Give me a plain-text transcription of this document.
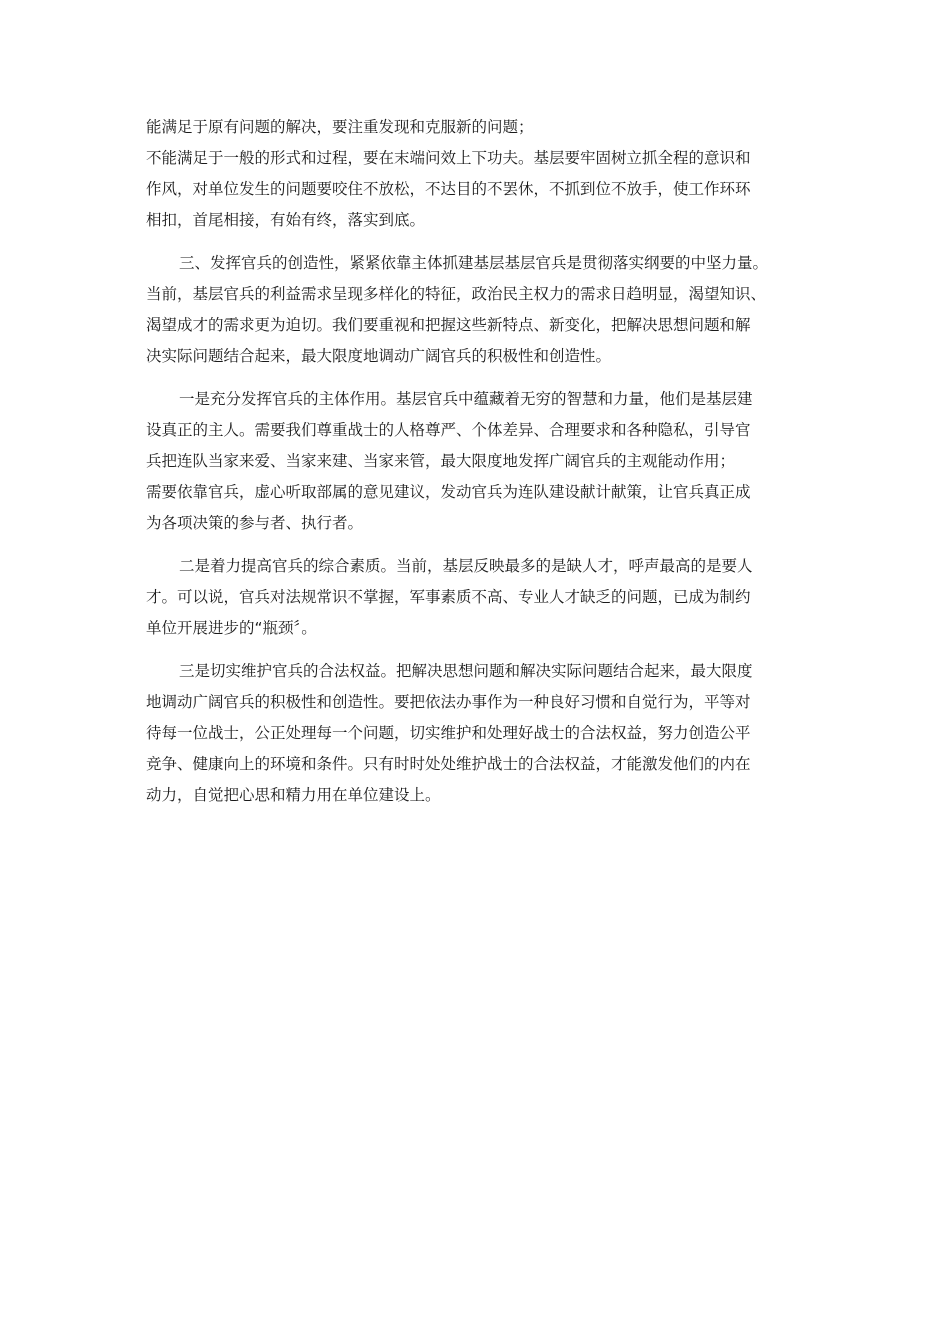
能满足于原有问题的解决，要注重发现和克服新的问题；

不能满足于一般的形式和过程，要在末端问效上下功夫。基层要牢固树立抓全程的意识和

作风，对单位发生的问题要咬住不放松，不达目的不罢休，不抓到位不放手，使工作环环

相扣，首尾相接，有始有终，落实到底。

三、发挥官兵的创造性，紧紧依靠主体抓建基层基层官兵是贯彻落实纲要的中坚力量。

当前，基层官兵的利益需求呈现多样化的特征，政治民主权力的需求日趋明显，渴望知识、

渴望成才的需求更为迫切。我们要重视和把握这些新特点、新变化，把解决思想问题和解

决实际问题结合起来，最大限度地调动广阔官兵的积极性和创造性。

一是充分发挥官兵的主体作用。基层官兵中蕴藏着无穷的智慧和力量，他们是基层建

设真正的主人。需要我们尊重战士的人格尊严、个体差异、合理要求和各种隐私，引导官

兵把连队当家来爱、当家来建、当家来管，最大限度地发挥广阔官兵的主观能动作用；

需要依靠官兵，虚心听取部属的意见建议，发动官兵为连队建设献计献策，让官兵真正成

为各项决策的参与者、执行者。

二是着力提高官兵的综合素质。当前，基层反映最多的是缺人才，呼声最高的是要人

才。可以说，官兵对法规常识不掌握，军事素质不高、专业人才缺乏的问题，已成为制约

单位开展进步的“瓶颈〞。

三是切实维护官兵的合法权益。把解决思想问题和解决实际问题结合起来，最大限度

地调动广阔官兵的积极性和创造性。要把依法办事作为一种良好习惯和自觉行为，平等对

待每一位战士，公正处理每一个问题，切实维护和处理好战士的合法权益，努力创造公平

竞争、健康向上的环境和条件。只有时时处处维护战士的合法权益，才能激发他们的内在

动力，自觉把心思和精力用在单位建设上。
